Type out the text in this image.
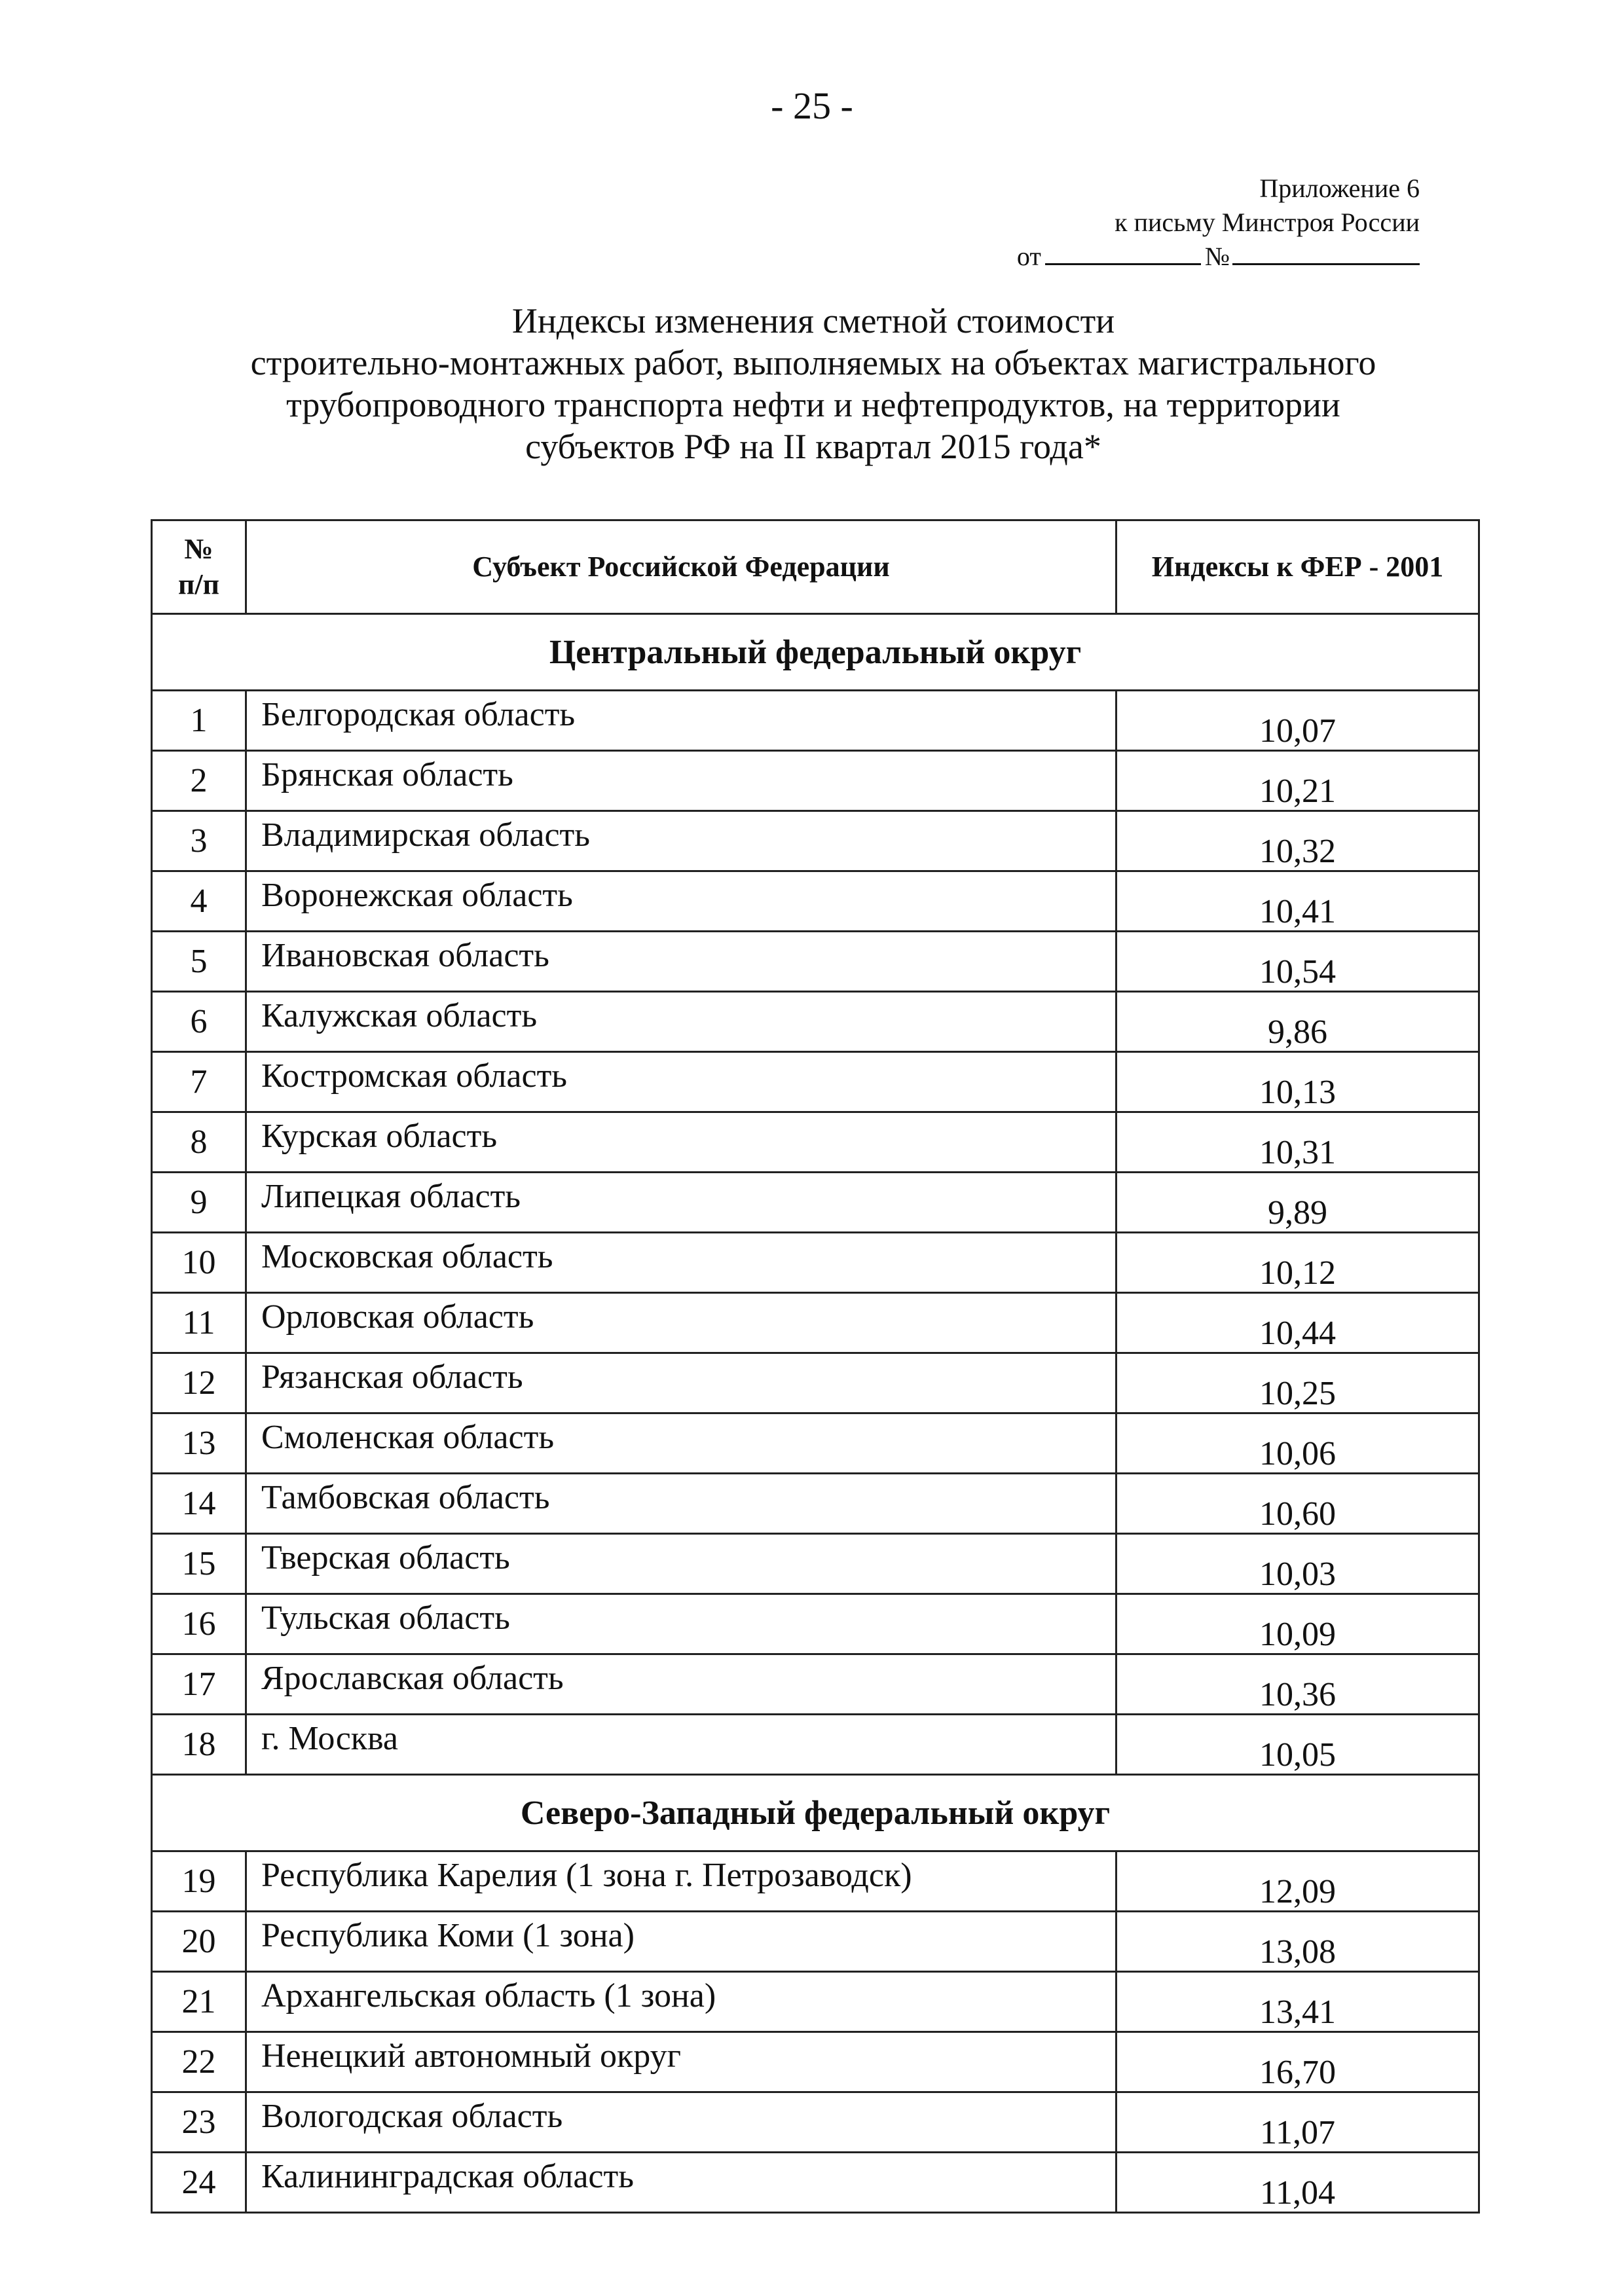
- 25 -
Приложение 6
к письму Минстроя России
от	№
Индексы изменения сметной стоимости
строительно-монтажных работ, выполняемых на объектах магистрального
трубопроводного транспорта нефти и нефтепродуктов, на территории
субъектов РФ на II квартал 2015 года*
№
п/п	Субъект Российской Федерации	Индексы к ФЕР - 2001
Центральный федеральный округ		
1	Белгородская область	10,07
2	Брянская область	10,21
3	Владимирская область	10,32
4	Воронежская область	10,41
5	Ивановская область	10,54
6	Калужская область	9,86
7	Костромская область	10,13
8	Курская область	10,31
9	Липецкая область	9,89
10	Московская область	10,12
11	Орловская область	10,44
12	Рязанская область	10,25
13	Смоленская область	10,06
14	Тамбовская область	10,60
15	Тверская область	10,03
16	Тульская область	10,09
17	Ярославская область	10,36
18	г. Москва	10,05
Северо-Западный федеральный округ		
19	Республика Карелия (1 зона г. Петрозаводск)	12,09
20	Республика Коми (1 зона)	13,08
21	Архангельская область (1 зона)	13,41
22	Ненецкий автономный округ	16,70
23	Вологодская область	11,07
24	Калининградская область	11,04
